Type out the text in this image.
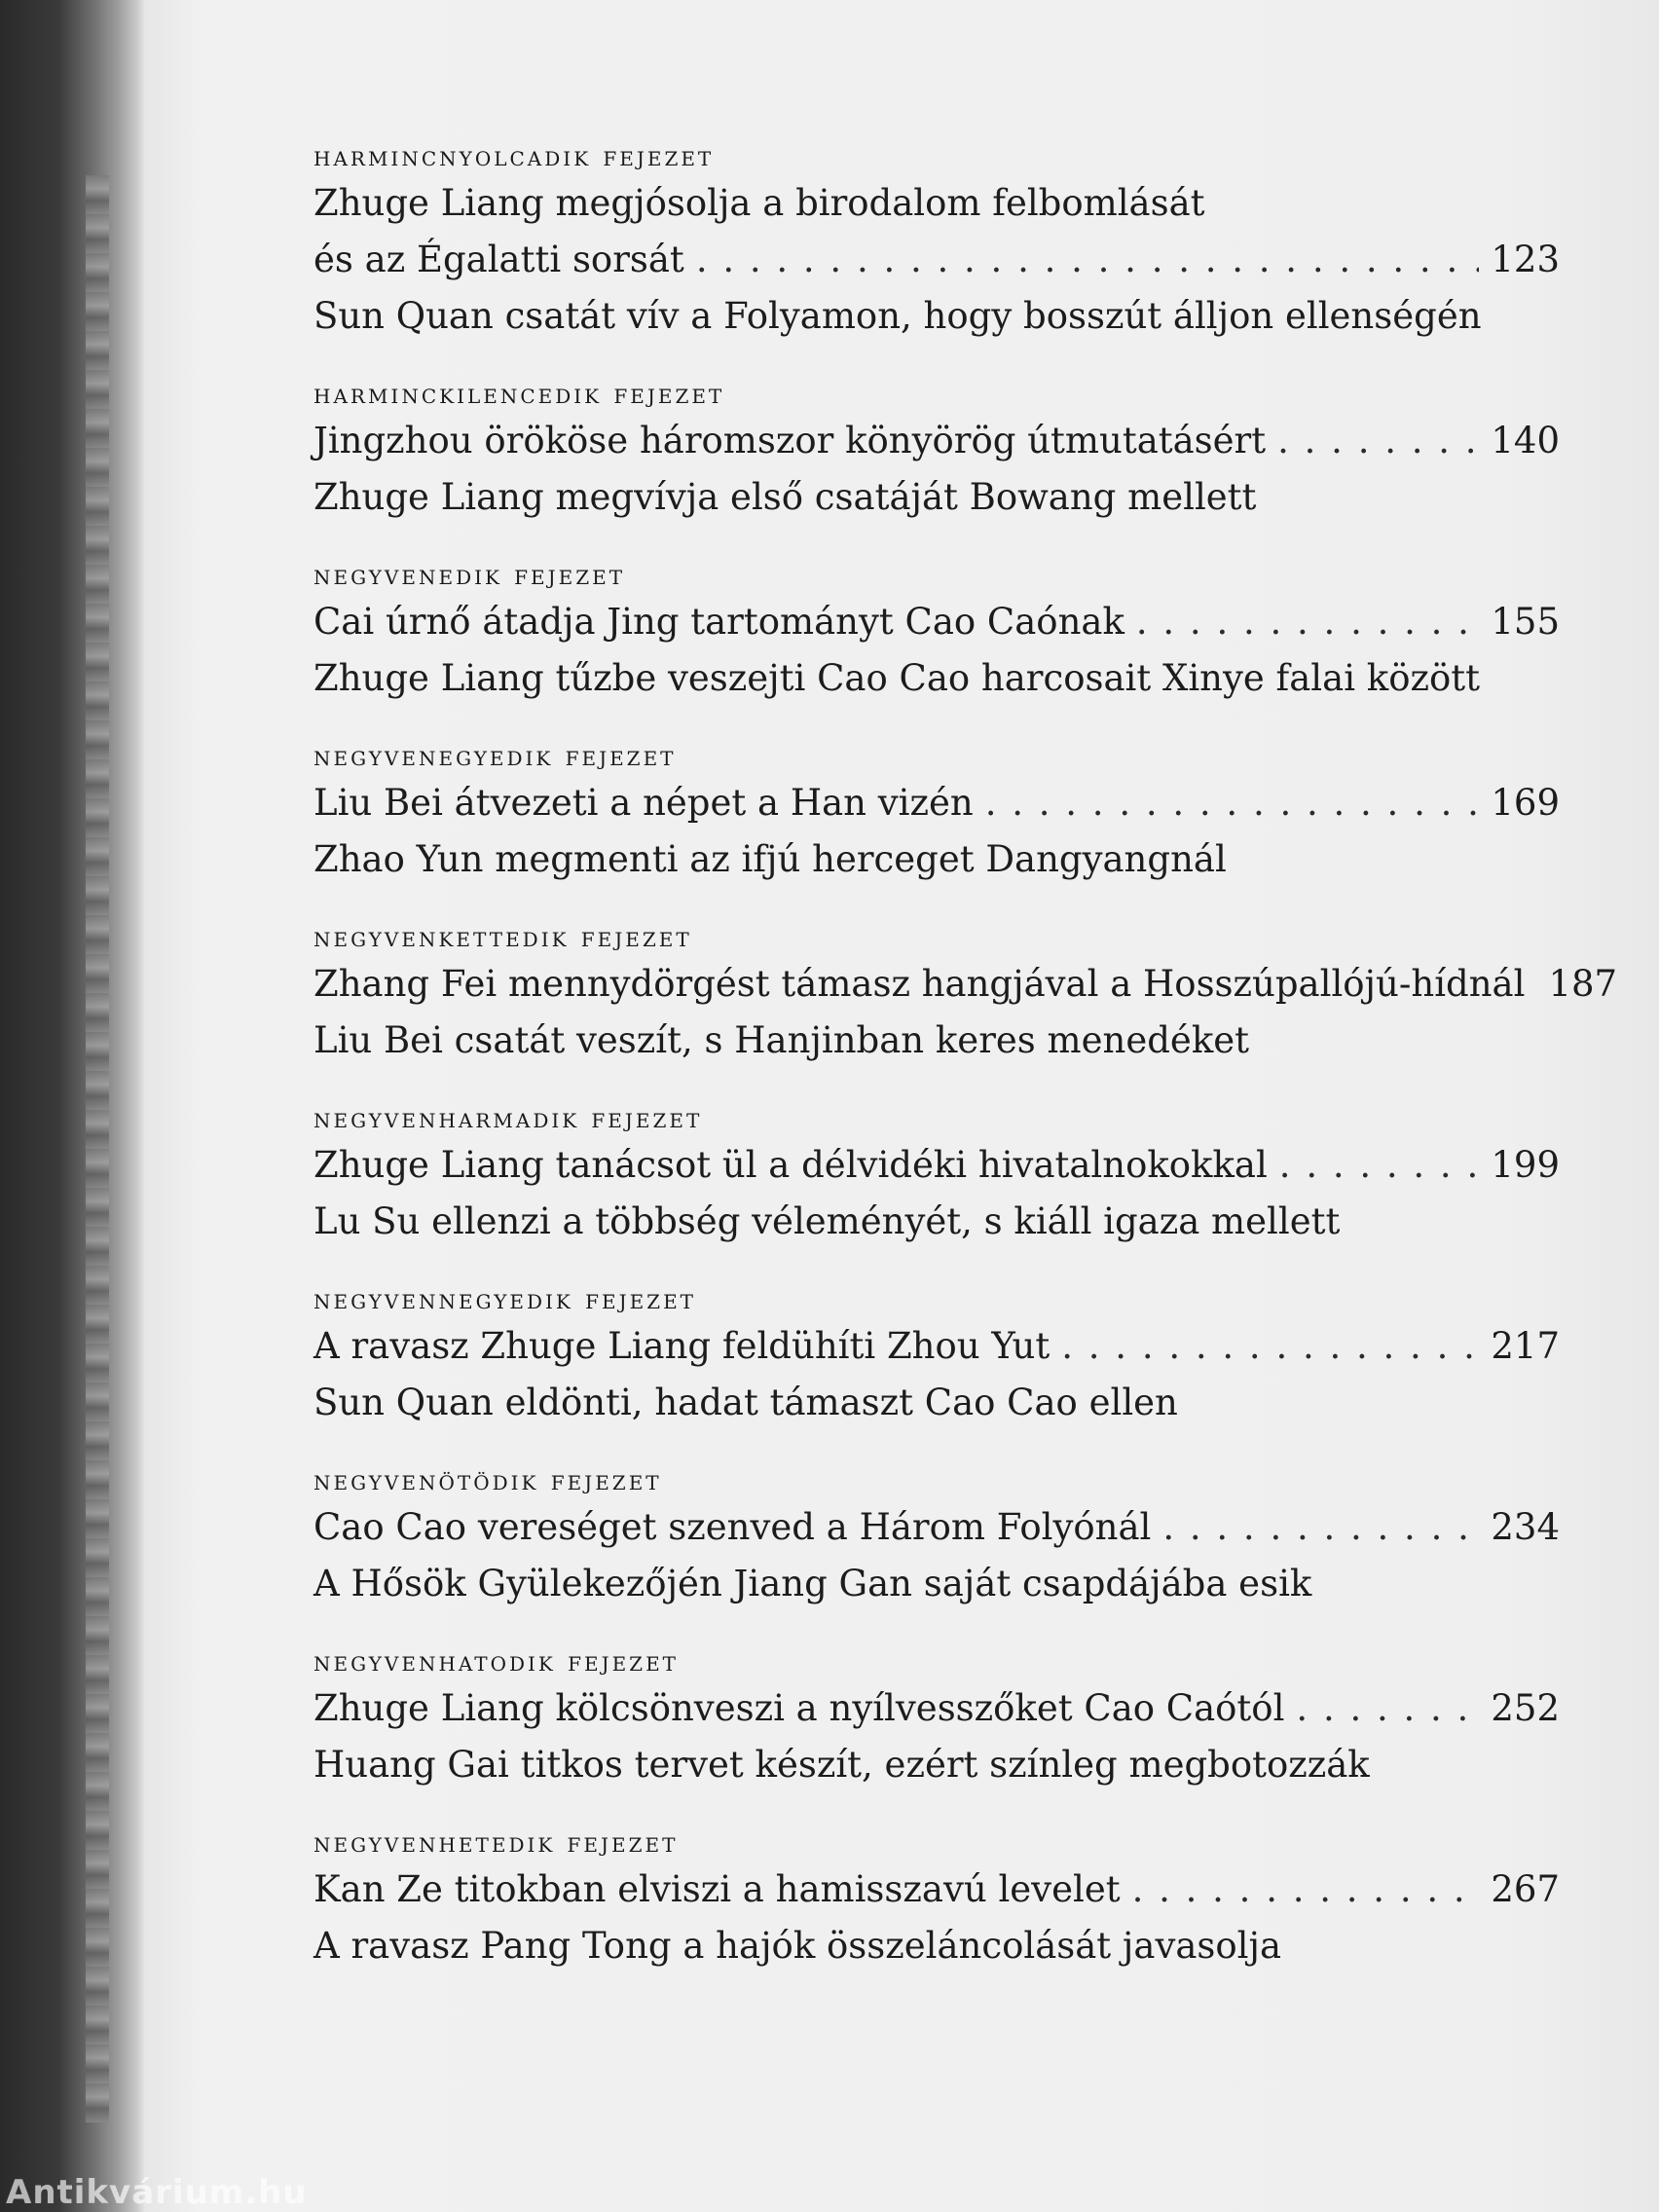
harmincnyolcadik fejezet
Zhuge Liang megjósolja a birodalom felbomlását
és az Égalatti sorsát . . .	123
Sun Quan csatát vív a Folyamon, hogy bosszút álljon ellenségén
harminckilencedik fejezet
Jingzhou örököse háromszor könyörög útmutatásért . . .	140
Zhuge Liang megvívja első csatáját Bowang mellett
negyvenedik fejezet
Cai úrnő átadja Jing tartományt Cao Caónak . . .	155
Zhuge Liang tűzbe veszejti Cao Cao harcosait Xinye falai között
negyvenegyedik fejezet
Liu Bei átvezeti a népet a Han vizén . . .	169
Zhao Yun megmenti az ifjú herceget Dangyangnál
negyvenkettedik fejezet
Zhang Fei mennydörgést támasz hangjával a Hosszúpallójú-hídnál 187
Liu Bei csatát veszít, s Hanjinban keres menedéket
negyvenharmadik fejezet
Zhuge Liang tanácsot ül a délvidéki hivatalnokokkal . . .	199
Lu Su ellenzi a többség véleményét, s kiáll igaza mellett
negyvennegyedik fejezet
A ravasz Zhuge Liang feldühíti Zhou Yut . . .	217
Sun Quan eldönti, hadat támaszt Cao Cao ellen
negyvenötödik fejezet
Cao Cao vereséget szenved a Három Folyónál . . .	234
A Hősök Gyülekezőjén Jiang Gan saját csapdájába esik
negyvenhatodik fejezet
Zhuge Liang kölcsönveszi a nyílvesszőket Cao Caótól . . .	252
Huang Gai titkos tervet készít, ezért színleg megbotozzák
negyvenhetedik fejezet
Kan Ze titokban elviszi a hamisszavú levelet . . .	267
A ravasz Pang Tong a hajók összeláncolását javasolja
Antikvárium.hu
